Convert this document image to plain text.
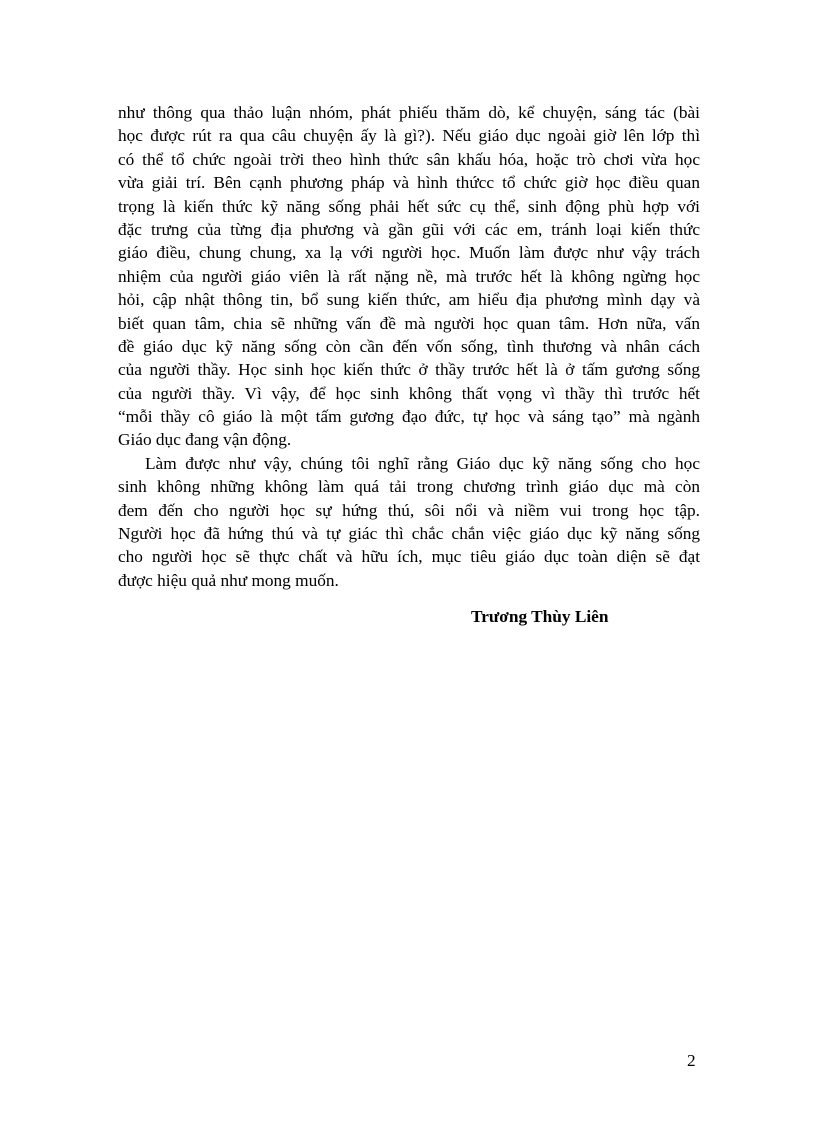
như thông qua thảo luận nhóm, phát phiếu thăm dò, kể chuyện, sáng tác (bài
học được rút ra qua câu chuyện ấy là gì?). Nếu giáo dục ngoài giờ lên lớp thì
có thể tổ chức ngoài trời theo hình thức sân khấu hóa, hoặc trò chơi vừa học
vừa giải trí. Bên cạnh phương pháp và hình thứcc tổ chức giờ học điều quan
trọng là kiến thức kỹ năng sống phải hết sức cụ thể, sinh động phù hợp với
đặc trưng của từng địa phương và gần gũi với các em, tránh loại kiến thức
giáo điều, chung chung, xa lạ với người học. Muốn làm được như vậy trách
nhiệm của người giáo viên là rất nặng nề, mà trước hết là không ngừng học
hỏi, cập nhật thông tin, bổ sung kiến thức, am hiểu địa phương mình dạy và
biết quan tâm, chia sẽ những vấn đề mà người học quan tâm. Hơn nữa, vấn
đề giáo dục kỹ năng sống còn cần đến vốn sống, tình thương và nhân cách
của người thầy. Học sinh học kiến thức ở thầy trước hết là ở tấm gương sống
của người thầy. Vì vậy, để học sinh không thất vọng vì thầy thì trước hết
“mỗi thầy cô giáo là một tấm gương đạo đức, tự học và sáng tạo” mà ngành
Giáo dục đang vận động.
Làm được như vậy, chúng tôi nghĩ rằng Giáo dục kỹ năng sống cho học
sinh không những không làm quá tải trong chương trình giáo dục mà còn
đem đến cho người học sự hứng thú, sôi nổi và niềm vui trong học tập.
Người học đã hứng thú và tự giác thì chắc chắn việc giáo dục kỹ năng sống
cho người học sẽ thực chất và hữu ích, mục tiêu giáo dục toàn diện sẽ đạt
được hiệu quả như mong muốn.
Trương Thùy Liên
2
